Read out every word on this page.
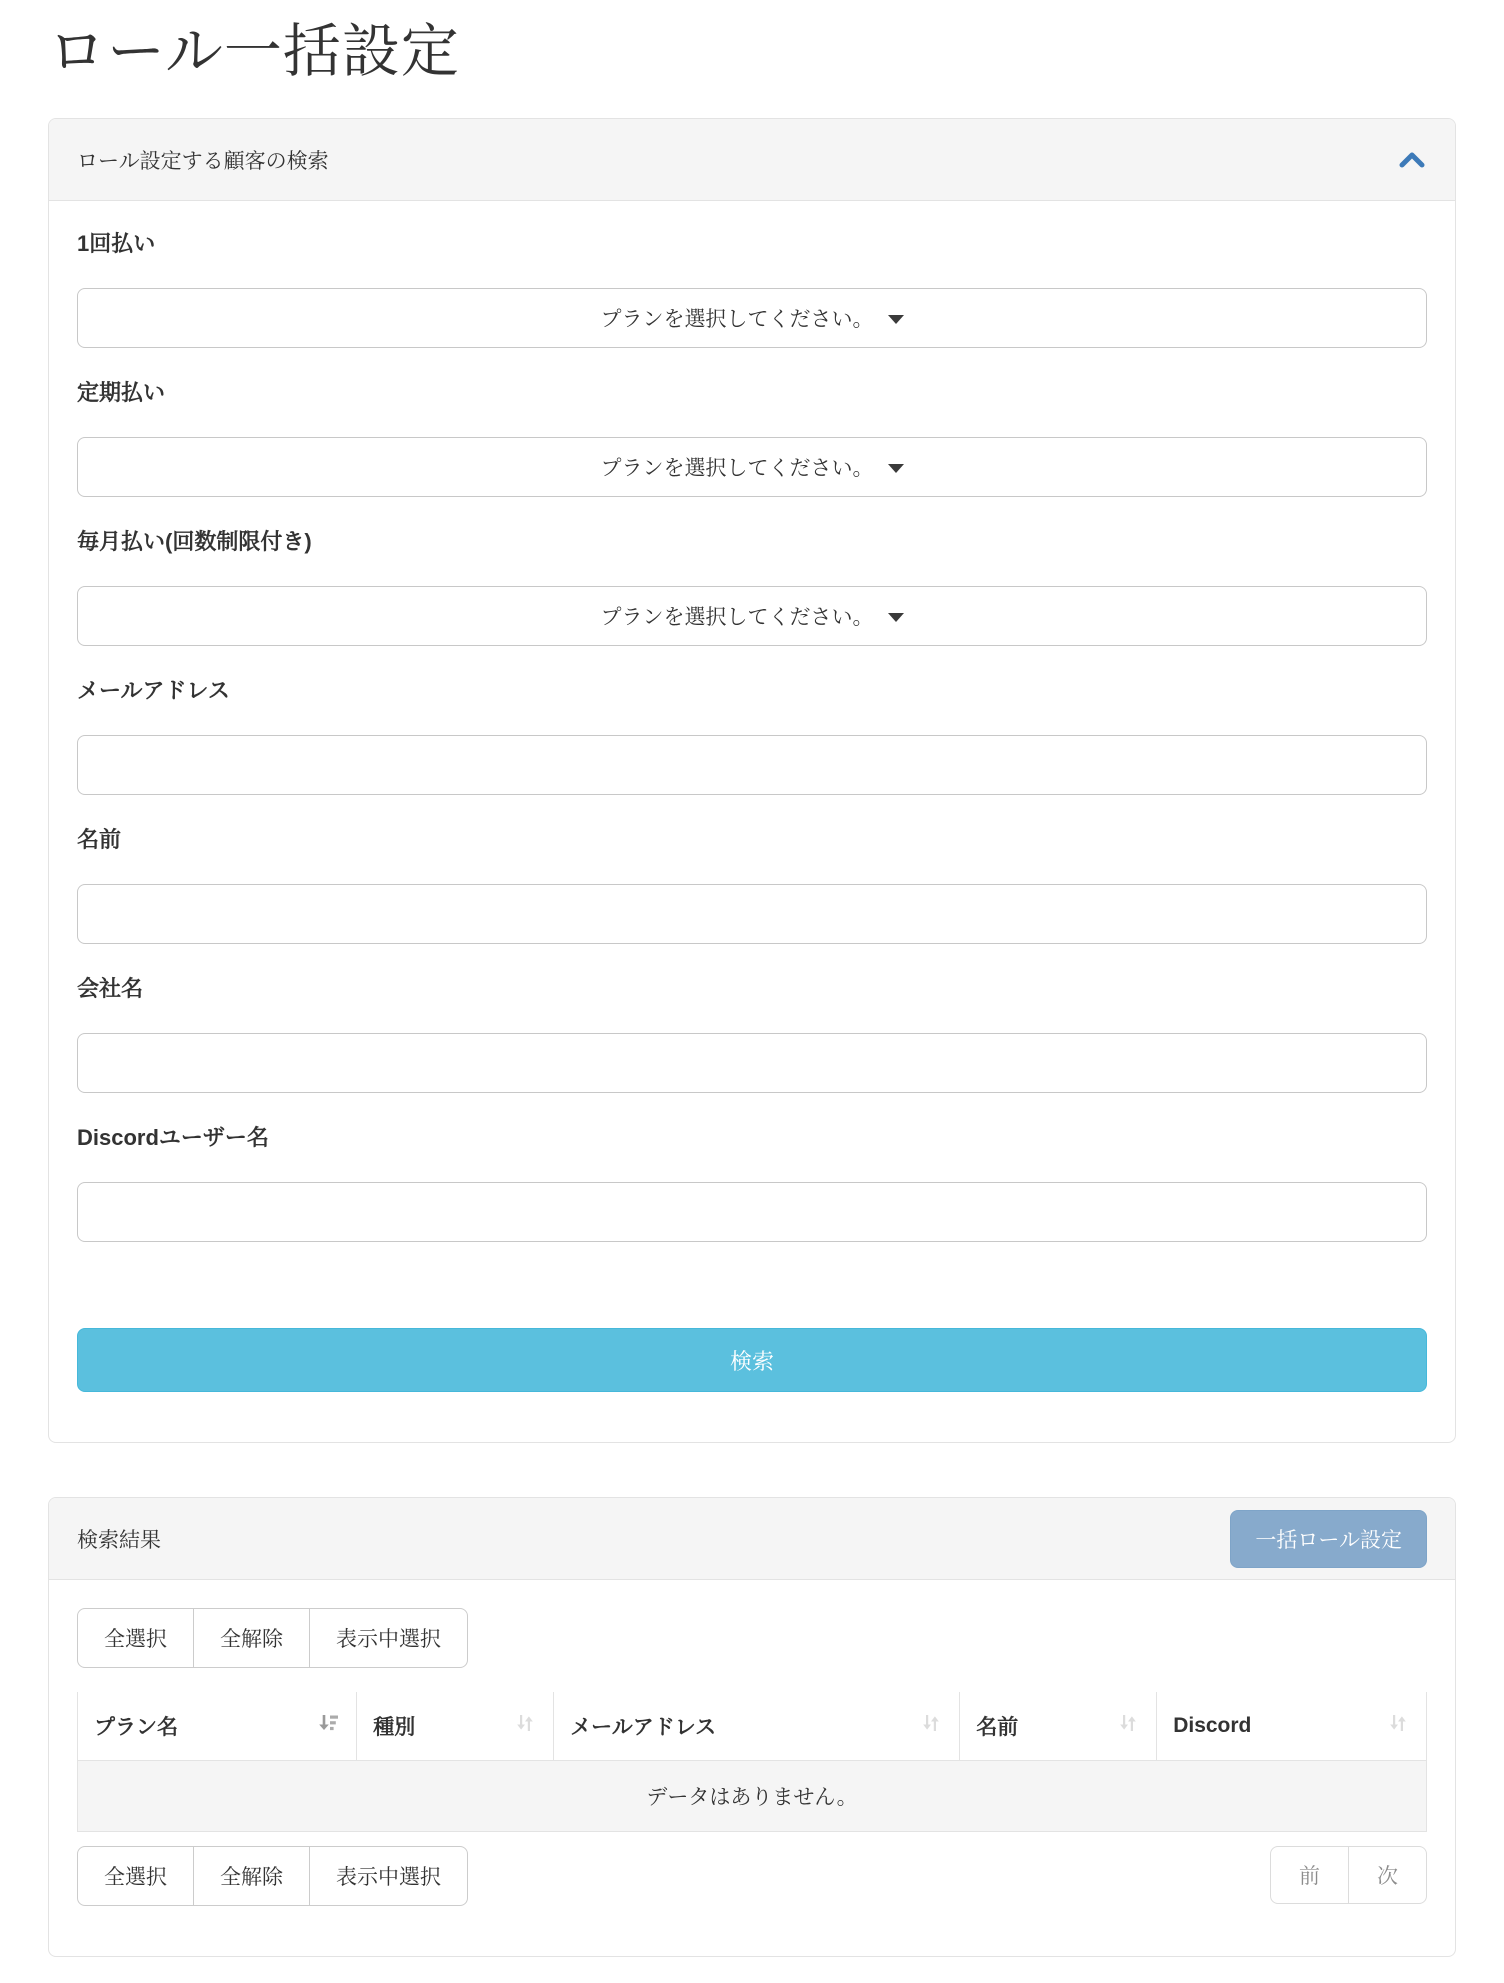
ロール一括設定
ロール設定する顧客の検索
1回払い
プランを選択してください。
定期払い
プランを選択してください。
毎月払い(回数制限付き)
プランを選択してください。
メールアドレス
名前
会社名
Discordユーザー名
検索
検索結果	一括ロール設定
全選択	全解除	表示中選択
プラン名	種別	メールアドレス	名前	Discord

データはありません。
全選択	全解除	表示中選択	前	次
